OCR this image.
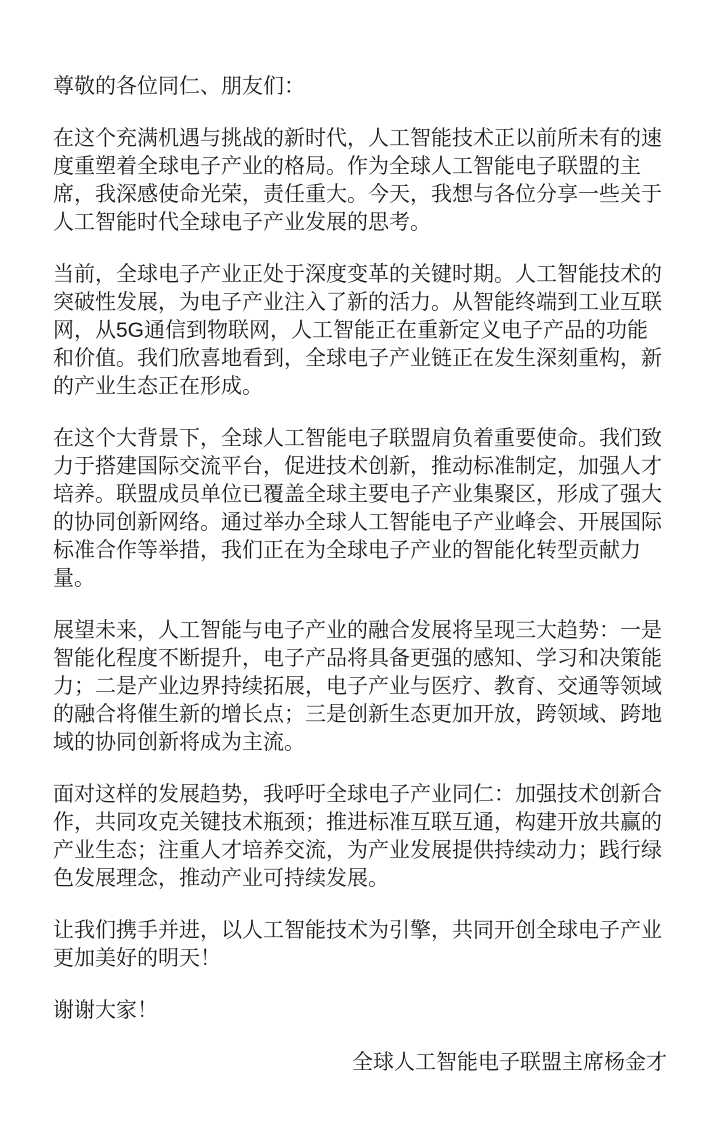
尊敬的各位同仁、朋友们：

在这个充满机遇与挑战的新时代，人工智能技术正以前所未有的速度重塑着全球电子产业的格局。作为全球人工智能电子联盟的主席，我深感使命光荣，责任重大。今天，我想与各位分享一些关于人工智能时代全球电子产业发展的思考。

当前，全球电子产业正处于深度变革的关键时期。人工智能技术的突破性发展，为电子产业注入了新的活力。从智能终端到工业互联网，从5G通信到物联网，人工智能正在重新定义电子产品的功能和价值。我们欣喜地看到，全球电子产业链正在发生深刻重构，新的产业生态正在形成。

在这个大背景下，全球人工智能电子联盟肩负着重要使命。我们致力于搭建国际交流平台，促进技术创新，推动标准制定，加强人才培养。联盟成员单位已覆盖全球主要电子产业集聚区，形成了强大的协同创新网络。通过举办全球人工智能电子产业峰会、开展国际标准合作等举措，我们正在为全球电子产业的智能化转型贡献力量。

展望未来，人工智能与电子产业的融合发展将呈现三大趋势：一是智能化程度不断提升，电子产品将具备更强的感知、学习和决策能力；二是产业边界持续拓展，电子产业与医疗、教育、交通等领域的融合将催生新的增长点；三是创新生态更加开放，跨领域、跨地域的协同创新将成为主流。

面对这样的发展趋势，我呼吁全球电子产业同仁：加强技术创新合作，共同攻克关键技术瓶颈；推进标准互联互通，构建开放共赢的产业生态；注重人才培养交流，为产业发展提供持续动力；践行绿色发展理念，推动产业可持续发展。

让我们携手并进，以人工智能技术为引擎，共同开创全球电子产业更加美好的明天！

谢谢大家！

全球人工智能电子联盟主席杨金才
